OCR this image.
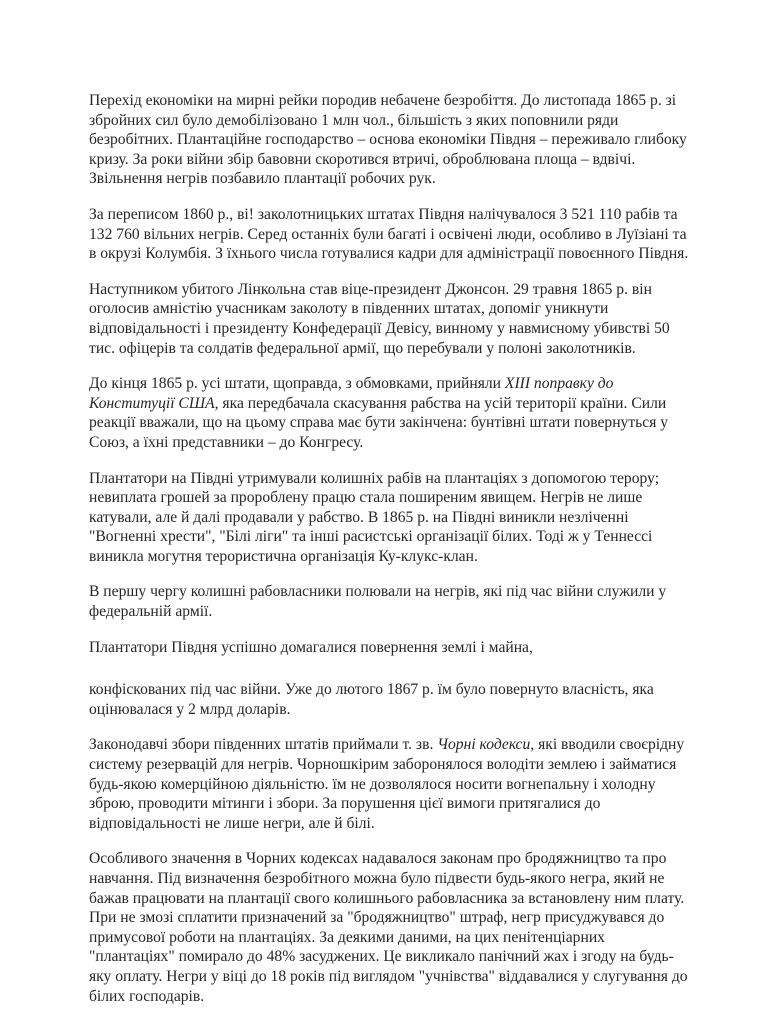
Перехід економіки на мирні рейки породив небачене безробіття. До листопада 1865 р. зі збройних сил було демобілізовано 1 млн чол., більшість з яких поповнили ряди безробітних. Плантаційне господарство – основа економіки Півдня – переживало глибоку кризу. За роки війни збір бавовни скоротився втричі, оброблювана площа – вдвічі. Звільнення негрів позбавило плантації робочих рук.

За переписом 1860 р., ві! заколотницьких штатах Півдня налічувалося 3 521 110 рабів та 132 760 вільних негрів. Серед останніх були багаті і освічені люди, особливо в Луїзіані та в окрузі Колумбія. З їхнього числа готувалися кадри для адміністрації повоєнного Півдня.

Наступником убитого Лінкольна став віце-президент Джонсон. 29 травня 1865 р. він оголосив амністію учасникам заколоту в південних штатах, допоміг уникнути відповідальності і президенту Конфедерації Девісу, винному у навмисному убивстві 50 тис. офіцерів та солдатів федеральної армії, що перебували у полоні заколотників.

До кінця 1865 р. усі штати, щоправда, з обмовками, прийняли XIII поправку до Конституції США, яка передбачала скасування рабства на усій території країни. Сили реакції вважали, що на цьому справа має бути закінчена: бунтівні штати повернуться у Союз, а їхні представники – до Конгресу.

Плантатори на Півдні утримували колишніх рабів на плантаціях з допомогою терору; невиплата грошей за пророблену працю стала поширеним явищем. Негрів не лише катували, але й далі продавали у рабство. В 1865 р. на Півдні виникли незліченні "Вогненні хрести", "Білі ліги" та інші расистські організації білих. Тоді ж у Теннессі виникла могутня терористична організація Ку-клукс-клан.

В першу чергу колишні рабовласники полювали на негрів, які під час війни служили у федеральній армії.

Плантатори Півдня успішно домагалися повернення землі і майна,

конфіскованих під час війни. Уже до лютого 1867 р. їм було повернуто власність, яка оцінювалася у 2 млрд доларів.

Законодавчі збори південних штатів приймали т. зв. Чорні кодекси, які вводили своєрідну систему резервацій для негрів. Чорношкірим заборонялося володіти землею і займатися будь-якою комерційною діяльністю. їм не дозволялося носити вогнепальну і холодну зброю, проводити мітинги і збори. За порушення цієї вимоги притягалися до відповідальності не лише негри, але й білі.

Особливого значення в Чорних кодексах надавалося законам про бродяжництво та про навчання. Під визначення безробітного можна було підвести будь-якого негра, який не бажав працювати на плантації свого колишнього рабовласника за встановлену ним плату. При не змозі сплатити призначений за "бродяжництво" штраф, негр присуджувався до примусової роботи на плантаціях. За деякими даними, на цих пенітенціарних "плантаціях" помирало до 48% засуджених. Це викликало панічний жах і згоду на будь-яку оплату. Негри у віці до 18 років під виглядом "учнівства" віддавалися у слугування до білих господарів.
